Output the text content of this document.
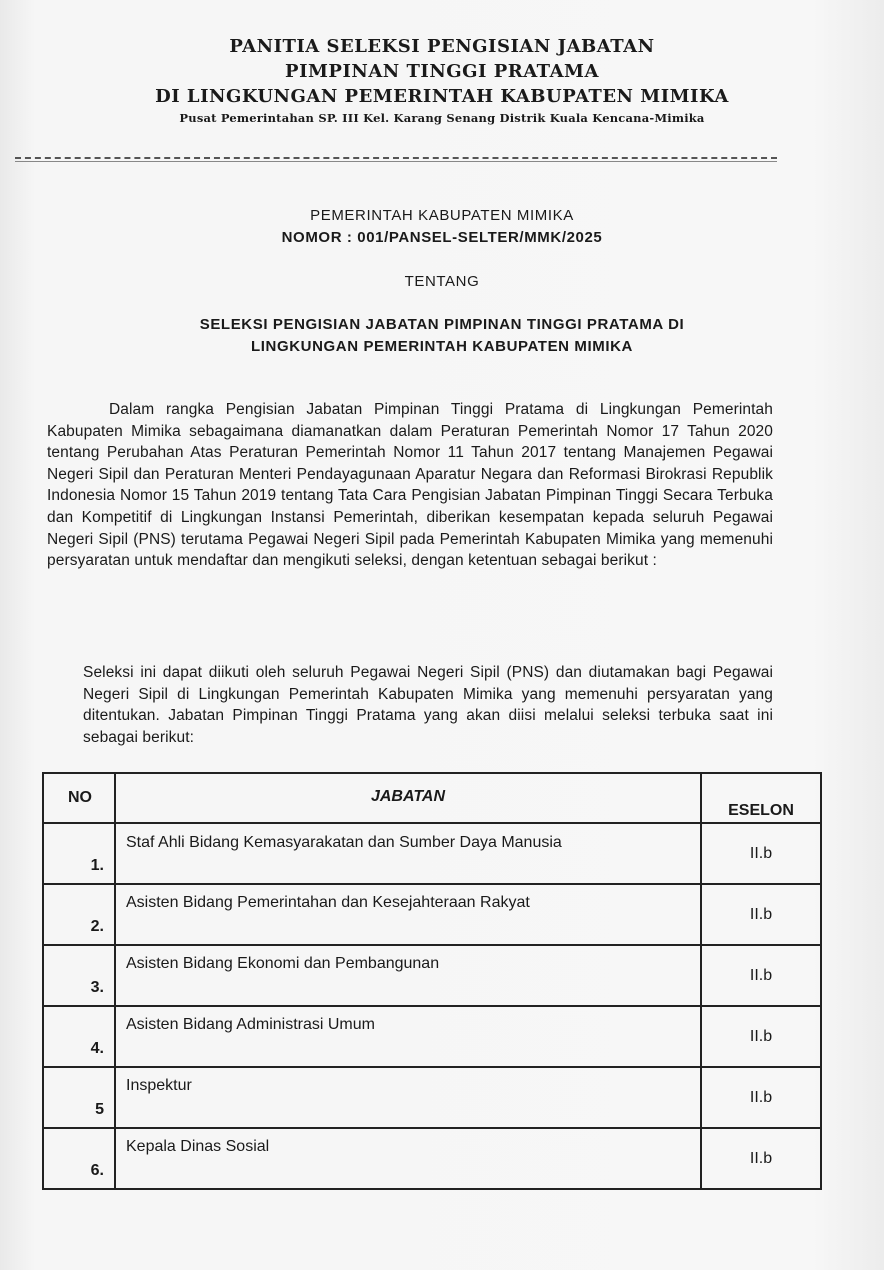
PANITIA SELEKSI PENGISIAN JABATAN
PIMPINAN TINGGI PRATAMA
DI LINGKUNGAN PEMERINTAH KABUPATEN MIMIKA
Pusat Pemerintahan SP. III Kel. Karang Senang Distrik Kuala Kencana-Mimika
PEMERINTAH KABUPATEN MIMIKA
NOMOR : 001/PANSEL-SELTER/MMK/2025
TENTANG
SELEKSI PENGISIAN JABATAN PIMPINAN TINGGI PRATAMA DI
LINGKUNGAN PEMERINTAH KABUPATEN MIMIKA
Dalam rangka Pengisian Jabatan Pimpinan Tinggi Pratama di Lingkungan Pemerintah Kabupaten Mimika sebagaimana diamanatkan dalam Peraturan Pemerintah Nomor 17 Tahun 2020 tentang Perubahan Atas Peraturan Pemerintah Nomor 11 Tahun 2017 tentang Manajemen Pegawai Negeri Sipil dan Peraturan Menteri Pendayagunaan Aparatur Negara dan Reformasi Birokrasi Republik Indonesia Nomor 15 Tahun 2019 tentang Tata Cara Pengisian Jabatan Pimpinan Tinggi Secara Terbuka dan Kompetitif di Lingkungan Instansi Pemerintah, diberikan kesempatan kepada seluruh Pegawai Negeri Sipil (PNS) terutama Pegawai Negeri Sipil pada Pemerintah Kabupaten Mimika yang memenuhi persyaratan untuk mendaftar dan mengikuti seleksi, dengan ketentuan sebagai berikut :
Seleksi ini dapat diikuti oleh seluruh Pegawai Negeri Sipil (PNS) dan diutamakan bagi Pegawai Negeri Sipil di Lingkungan Pemerintah Kabupaten Mimika yang memenuhi persyaratan yang ditentukan. Jabatan Pimpinan Tinggi Pratama yang akan diisi melalui seleksi terbuka saat ini sebagai berikut:
NO	JABATAN	ESELON
1.	Staf Ahli Bidang Kemasyarakatan dan Sumber Daya Manusia	II.b
2.	Asisten Bidang Pemerintahan dan Kesejahteraan Rakyat	II.b
3.	Asisten Bidang Ekonomi dan Pembangunan	II.b
4.	Asisten Bidang Administrasi Umum	II.b
5	Inspektur	II.b
6.	Kepala Dinas Sosial	II.b
